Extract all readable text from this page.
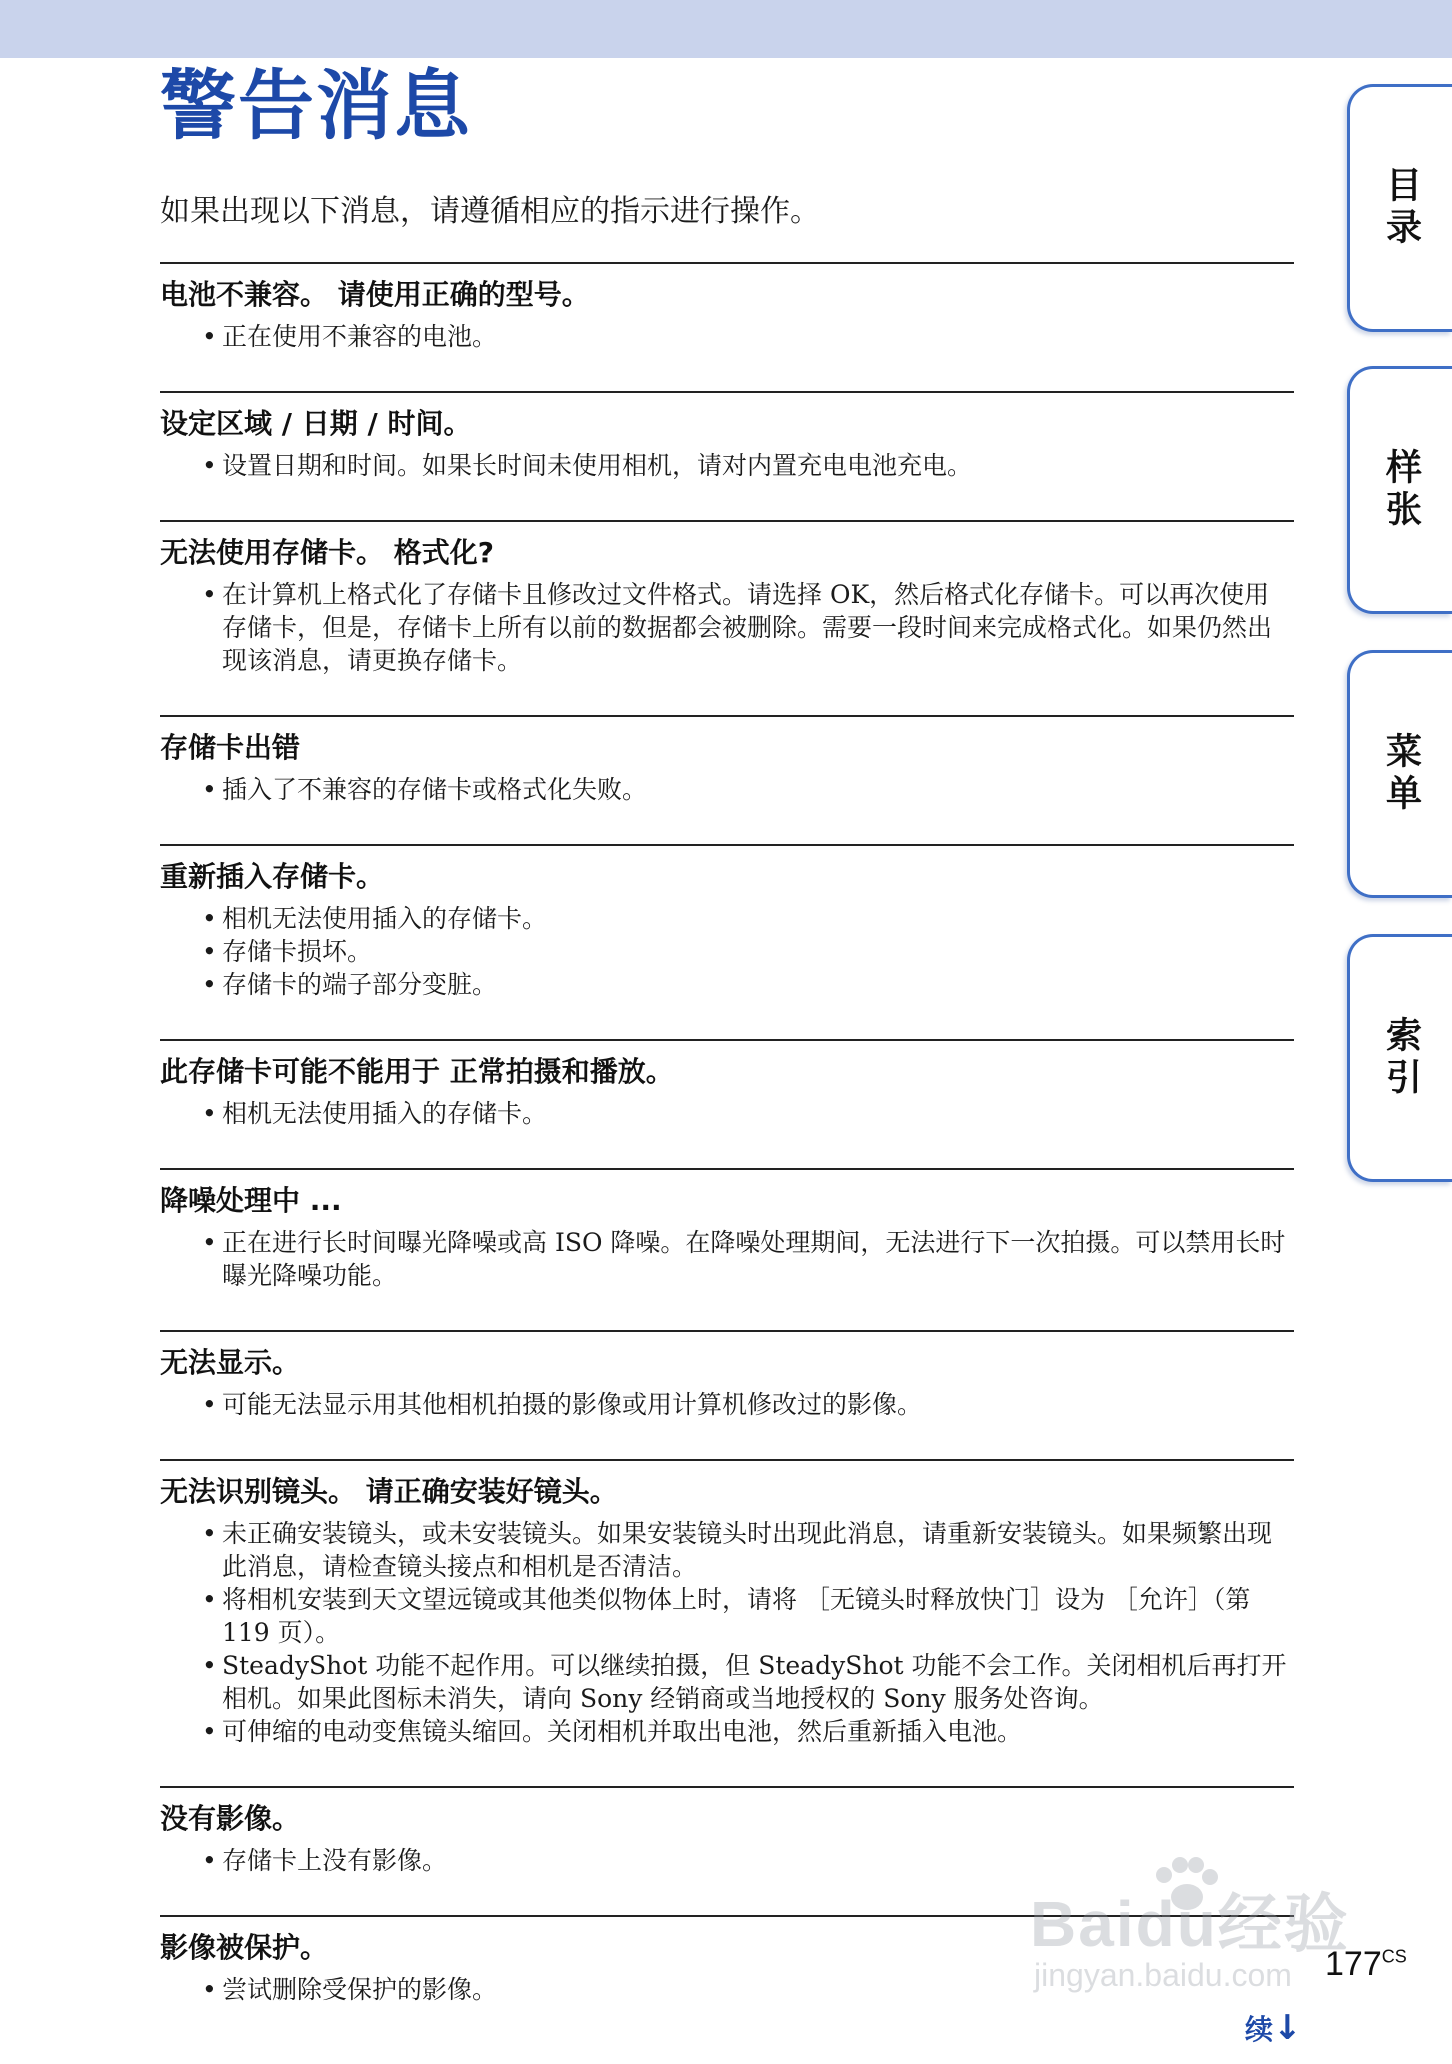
警告消息

如果出现以下消息，请遵循相应的指示进行操作。

电池不兼容。 请使用正确的型号。
• 正在使用不兼容的电池。
设定区域 / 日期 / 时间。
• 设置日期和时间。如果长时间未使用相机，请对内置充电电池充电。
无法使用存储卡。 格式化?
• 在计算机上格式化了存储卡且修改过文件格式。请选择 OK，然后格式化存储卡。可以再次使用存储卡，但是，存储卡上所有以前的数据都会被删除。需要一段时间来完成格式化。如果仍然出现该消息，请更换存储卡。
存储卡出错
• 插入了不兼容的存储卡或格式化失败。
重新插入存储卡。
• 相机无法使用插入的存储卡。
• 存储卡损坏。
• 存储卡的端子部分变脏。
此存储卡可能不能用于 正常拍摄和播放。
• 相机无法使用插入的存储卡。
降噪处理中 ...
• 正在进行长时间曝光降噪或高 ISO 降噪。在降噪处理期间，无法进行下一次拍摄。可以禁用长时曝光降噪功能。
无法显示。
• 可能无法显示用其他相机拍摄的影像或用计算机修改过的影像。
无法识别镜头。 请正确安装好镜头。
• 未正确安装镜头，或未安装镜头。如果安装镜头时出现此消息，请重新安装镜头。如果频繁出现此消息，请检查镜头接点和相机是否清洁。
• 将相机安装到天文望远镜或其他类似物体上时，请将 ［无镜头时释放快门］设为 ［允许］（第 119 页）。
• SteadyShot 功能不起作用。可以继续拍摄，但 SteadyShot 功能不会工作。关闭相机后再打开相机。如果此图标未消失，请向 Sony 经销商或当地授权的 Sony 服务处咨询。
• 可伸缩的电动变焦镜头缩回。关闭相机并取出电池，然后重新插入电池。
没有影像。
• 存储卡上没有影像。
影像被保护。
• 尝试删除受保护的影像。
目录
样张
菜单
索引
Baidu经验
jingyan.baidu.com $177^{CS}$
续↓
